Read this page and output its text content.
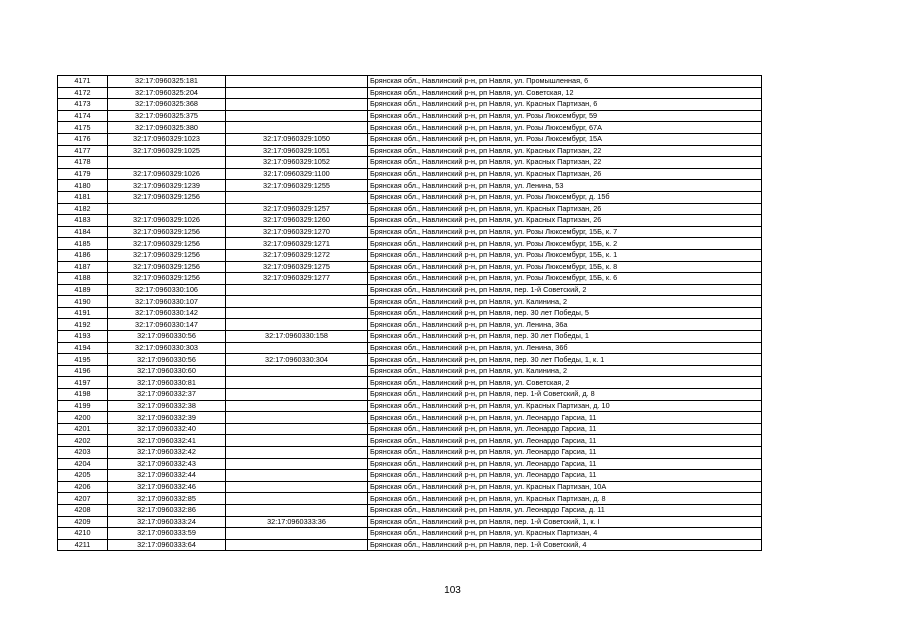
4171	32:17:0960325:181		Брянская обл., Навлинский р-н, рп Навля, ул. Промышленная, 6
4172	32:17:0960325:204		Брянская обл., Навлинский р-н, рп Навля, ул. Советская, 12
4173	32:17:0960325:368		Брянская обл., Навлинский р-н, рп Навля, ул. Красных Партизан, 6
4174	32:17:0960325:375		Брянская обл., Навлинский р-н, рп Навля, ул. Розы Люксембург, 59
4175	32:17:0960325:380		Брянская обл., Навлинский р-н, рп Навля, ул. Розы Люксембург, 67А
4176	32:17:0960329:1023	32:17:0960329:1050	Брянская обл., Навлинский р-н, рп Навля, ул. Розы Люксембург, 15А
4177	32:17:0960329:1025	32:17:0960329:1051	Брянская обл., Навлинский р-н, рп Навля, ул. Красных Партизан, 22
4178		32:17:0960329:1052	Брянская обл., Навлинский р-н, рп Навля, ул. Красных Партизан, 22
4179	32:17:0960329:1026	32:17:0960329:1100	Брянская обл., Навлинский р-н, рп Навля, ул. Красных Партизан, 26
4180	32:17:0960329:1239	32:17:0960329:1255	Брянская обл., Навлинский р-н, рп Навля, ул. Ленина, 53
4181	32:17:0960329:1256		Брянская обл., Навлинский р-н, рп Навля, ул. Розы Люксембург, д. 15б
4182		32:17:0960329:1257	Брянская обл., Навлинский р-н, рп Навля, ул. Красных Партизан, 26
4183	32:17:0960329:1026	32:17:0960329:1260	Брянская обл., Навлинский р-н, рп Навля, ул. Красных Партизан, 26
4184	32:17:0960329:1256	32:17:0960329:1270	Брянская обл., Навлинский р-н, рп Навля, ул. Розы Люксембург, 15Б, к. 7
4185	32:17:0960329:1256	32:17:0960329:1271	Брянская обл., Навлинский р-н, рп Навля, ул. Розы Люксембург, 15Б, к. 2
4186	32:17:0960329:1256	32:17:0960329:1272	Брянская обл., Навлинский р-н, рп Навля, ул. Розы Люксембург, 15Б, к. 1
4187	32:17:0960329:1256	32:17:0960329:1275	Брянская обл., Навлинский р-н, рп Навля, ул. Розы Люксембург, 15Б, к. 8
4188	32:17:0960329:1256	32:17:0960329:1277	Брянская обл., Навлинский р-н, рп Навля, ул. Розы Люксембург, 15Б, к. 6
4189	32:17:0960330:106		Брянская обл., Навлинский р-н, рп Навля, пер. 1-й Советский, 2
4190	32:17:0960330:107		Брянская обл., Навлинский р-н, рп Навля, ул. Калинина, 2
4191	32:17:0960330:142		Брянская обл., Навлинский р-н, рп Навля, пер. 30 лет Победы, 5
4192	32:17:0960330:147		Брянская обл., Навлинский р-н, рп Навля, ул. Ленина, 36а
4193	32:17:0960330:56	32:17:0960330:158	Брянская обл., Навлинский р-н, рп Навля, пер. 30 лет Победы, 1
4194	32:17:0960330:303		Брянская обл., Навлинский р-н, рп Навля, ул. Ленина, 36б
4195	32:17:0960330:56	32:17:0960330:304	Брянская обл., Навлинский р-н, рп Навля, пер. 30 лет Победы, 1, к. 1
4196	32:17:0960330:60		Брянская обл., Навлинский р-н, рп Навля, ул. Калинина, 2
4197	32:17:0960330:81		Брянская обл., Навлинский р-н, рп Навля, ул. Советская, 2
4198	32:17:0960332:37		Брянская обл., Навлинский р-н, рп Навля, пер. 1-й Советский, д. 8
4199	32:17:0960332:38		Брянская обл., Навлинский р-н, рп Навля, ул. Красных Партизан, д. 10
4200	32:17:0960332:39		Брянская обл., Навлинский р-н, рп Навля, ул. Леонардо Гарсиа, 11
4201	32:17:0960332:40		Брянская обл., Навлинский р-н, рп Навля, ул. Леонардо Гарсиа, 11
4202	32:17:0960332:41		Брянская обл., Навлинский р-н, рп Навля, ул. Леонардо Гарсиа, 11
4203	32:17:0960332:42		Брянская обл., Навлинский р-н, рп Навля, ул. Леонардо Гарсиа, 11
4204	32:17:0960332:43		Брянская обл., Навлинский р-н, рп Навля, ул. Леонардо Гарсиа, 11
4205	32:17:0960332:44		Брянская обл., Навлинский р-н, рп Навля, ул. Леонардо Гарсиа, 11
4206	32:17:0960332:46		Брянская обл., Навлинский р-н, рп Навля, ул. Красных Партизан, 10А
4207	32:17:0960332:85		Брянская обл., Навлинский р-н, рп Навля, ул. Красных Партизан, д. 8
4208	32:17:0960332:86		Брянская обл., Навлинский р-н, рп Навля, ул. Леонардо Гарсиа, д. 11
4209	32:17:0960333:24	32:17:0960333:36	Брянская обл., Навлинский р-н, рп Навля, пер. 1-й Советский, 1, к. I
4210	32:17:0960333:59		Брянская обл., Навлинский р-н, рп Навля, ул. Красных Партизан, 4
4211	32:17:0960333:64		Брянская обл., Навлинский р-н, рп Навля, пер. 1-й Советский, 4
103
